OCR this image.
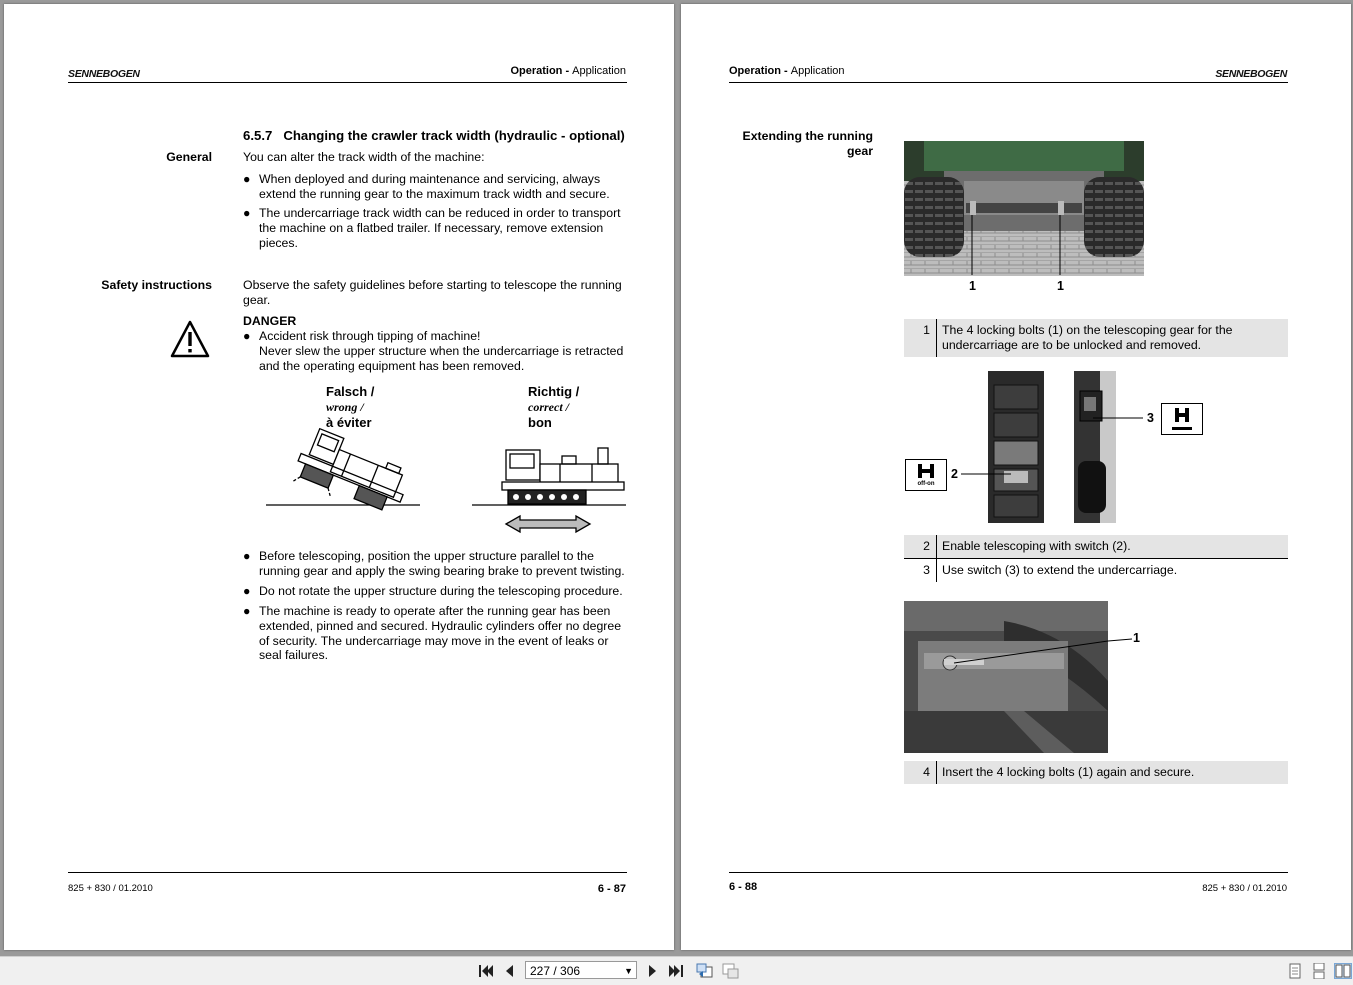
SENNEBOGEN	Operation - Application
6.5.7   Changing the crawler track width (hydraulic - optional)
General	You can alter the track width of the machine:
● When deployed and during maintenance and servicing, always
extend the running gear to the maximum track width and secure.
● The undercarriage track width can be reduced in order to transport
the machine on a flatbed trailer. If necessary, remove extension
pieces.
Safety instructions	Observe the safety guidelines before starting to telescope the running
gear.
DANGER
● Accident risk through tipping of machine!
Never slew the upper structure when the undercarriage is retracted
and the operating equipment has been removed.
Falsch /
wrong /
à éviter
Richtig /
correct /
bon
● Before telescoping, position the upper structure parallel to the
running gear and apply the swing bearing brake to prevent twisting.
● Do not rotate the upper structure during the telescoping procedure.
● The machine is ready to operate after the running gear has been
extended, pinned and secured. Hydraulic cylinders offer no degree
of security. The undercarriage may move in the event of leaks or
seal failures.
825 + 830 / 01.2010	6 - 87
Operation - Application	SENNEBOGEN
Extending the running
gear
1	1
1 The 4 locking bolts (1) on the telescoping gear for the
undercarriage are to be unlocked and removed.
off-on
2
3
2 Enable telescoping with switch (2).
3 Use switch (3) to extend the undercarriage.
1
4 Insert the 4 locking bolts (1) again and secure.
6 - 88	825 + 830 / 01.2010
227 / 306	▼
